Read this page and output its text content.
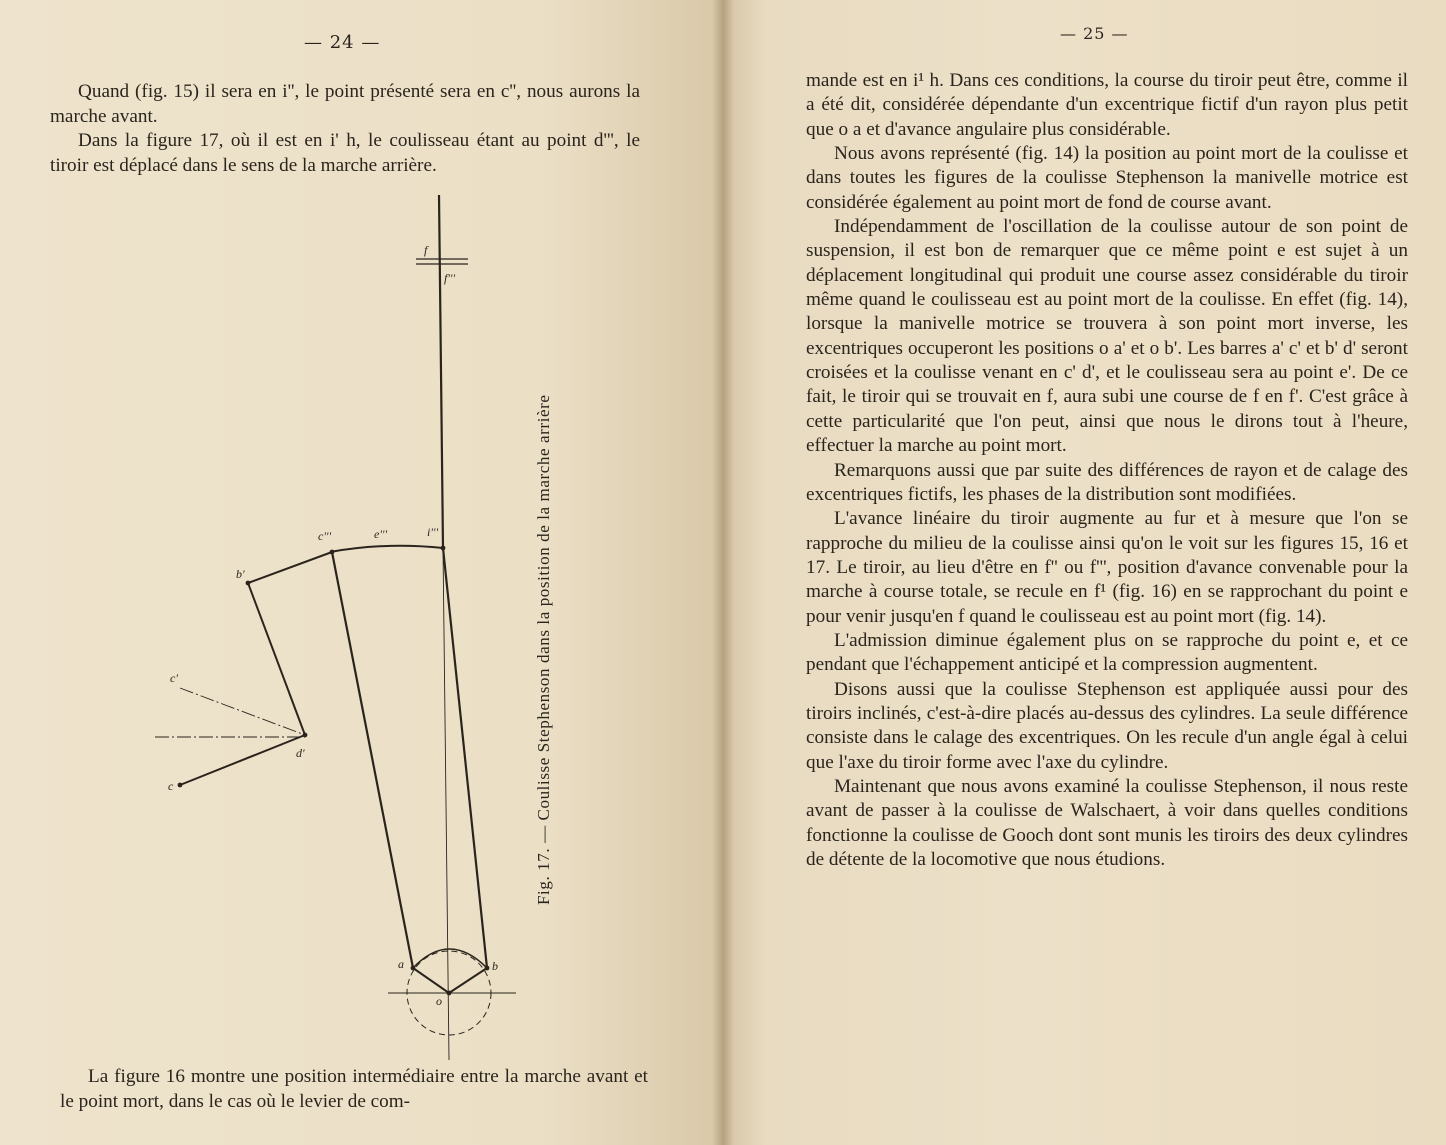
— 24 —	— 25 —

Quand (fig. 15) il sera en i'', le point présenté sera en c'', nous aurons la marche avant.

Dans la figure 17, où il est en i' h, le coulisseau étant au point d''', le tiroir est déplacé dans le sens de la marche arrière.

f
f'''
c'''	e'''	i'''
b'
c'
d'
c
a
o
b
Fig. 17. — Coulisse Stephenson dans la position de la marche arrière

La figure 16 montre une position intermédiaire entre la marche avant et le point mort, dans le cas où le levier de com-

mande est en i¹ h. Dans ces conditions, la course du tiroir peut être, comme il a été dit, considérée dépendante d'un excentrique fictif d'un rayon plus petit que o a et d'avance angulaire plus considérable.

Nous avons représenté (fig. 14) la position au point mort de la coulisse et dans toutes les figures de la coulisse Stephenson la manivelle motrice est considérée également au point mort de fond de course avant.

Indépendamment de l'oscillation de la coulisse autour de son point de suspension, il est bon de remarquer que ce même point e est sujet à un déplacement longitudinal qui produit une course assez considérable du tiroir même quand le coulisseau est au point mort de la coulisse. En effet (fig. 14), lorsque la manivelle motrice se trouvera à son point mort inverse, les excentriques occuperont les positions o a' et o b'. Les barres a' c' et b' d' seront croisées et la coulisse venant en c' d', et le coulisseau sera au point e'. De ce fait, le tiroir qui se trouvait en f, aura subi une course de f en f'. C'est grâce à cette particularité que l'on peut, ainsi que nous le dirons tout à l'heure, effectuer la marche au point mort.

Remarquons aussi que par suite des différences de rayon et de calage des excentriques fictifs, les phases de la distribution sont modifiées.

L'avance linéaire du tiroir augmente au fur et à mesure que l'on se rapproche du milieu de la coulisse ainsi qu'on le voit sur les figures 15, 16 et 17. Le tiroir, au lieu d'être en f'' ou f''', position d'avance convenable pour la marche à course totale, se recule en f¹ (fig. 16) en se rapprochant du point e pour venir jusqu'en f quand le coulisseau est au point mort (fig. 14).

L'admission diminue également plus on se rapproche du point e, et ce pendant que l'échappement anticipé et la compression augmentent.

Disons aussi que la coulisse Stephenson est appliquée aussi pour des tiroirs inclinés, c'est-à-dire placés au-dessus des cylindres. La seule différence consiste dans le calage des excentriques. On les recule d'un angle égal à celui que l'axe du tiroir forme avec l'axe du cylindre.

Maintenant que nous avons examiné la coulisse Stephenson, il nous reste avant de passer à la coulisse de Walschaert, à voir dans quelles conditions fonctionne la coulisse de Gooch dont sont munis les tiroirs des deux cylindres de détente de la locomotive que nous étudions.
